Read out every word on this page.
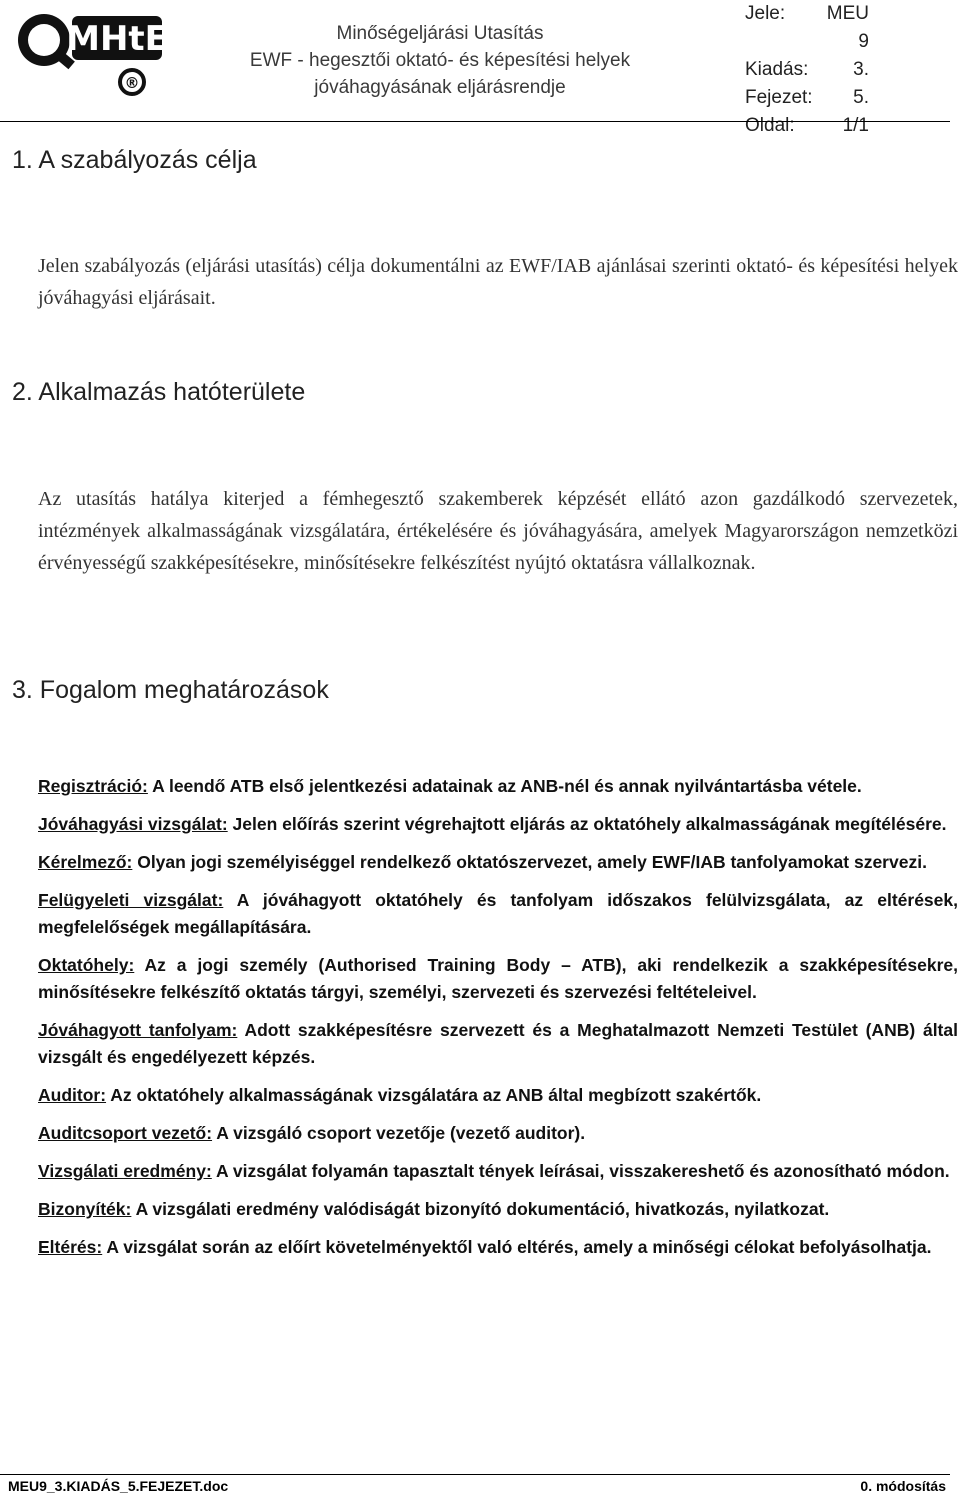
MHtE
®
Minőségeljárási Utasítás
EWF - hegesztői oktató- és képesítési helyek
jóváhagyásának eljárásrendje
Jele:	MEU 9
Kiadás:	3.
Fejezet:	5.
Oldal:	1/1
1. A szabályozás célja

Jelen szabályozás (eljárási utasítás) célja dokumentálni az EWF/IAB ajánlásai szerinti oktató- és képesítési helyek jóváhagyási eljárásait.

2. Alkalmazás hatóterülete

Az utasítás hatálya kiterjed a fémhegesztő szakemberek képzését ellátó azon gazdálkodó szervezetek, intézmények alkalmasságának vizsgálatára, értékelésére és jóváhagyására, amelyek Magyarországon nemzetközi érvényességű szakképesítésekre, minősítésekre felkészítést nyújtó oktatásra vállalkoznak.

3. Fogalom meghatározások

Regisztráció: A leendő ATB első jelentkezési adatainak az ANB-nél és annak nyilvántartásba vétele.

Jóváhagyási vizsgálat: Jelen előírás szerint végrehajtott eljárás az oktatóhely alkalmasságának megítélésére.

Kérelmező: Olyan jogi személyiséggel rendelkező oktatószervezet, amely EWF/IAB tanfolyamokat szervezi.

Felügyeleti vizsgálat: A jóváhagyott oktatóhely és tanfolyam időszakos felülvizsgálata, az eltérések, megfelelőségek megállapítására.

Oktatóhely: Az a jogi személy (Authorised Training Body – ATB), aki rendelkezik a szakképesítésekre, minősítésekre felkészítő oktatás tárgyi, személyi, szervezeti és szervezési feltételeivel.

Jóváhagyott tanfolyam: Adott szakképesítésre szervezett és a Meghatalmazott Nemzeti Testület (ANB) által vizsgált és engedélyezett képzés.

Auditor: Az oktatóhely alkalmasságának vizsgálatára az ANB által megbízott szakértők.

Auditcsoport vezető: A vizsgáló csoport vezetője (vezető auditor).

Vizsgálati eredmény: A vizsgálat folyamán tapasztalt tények leírásai, visszakereshető és azonosítható módon.

Bizonyíték: A vizsgálati eredmény valódiságát bizonyító dokumentáció, hivatkozás, nyilatkozat.

Eltérés: A vizsgálat során az előírt követelményektől való eltérés, amely a minőségi célokat befolyásolhatja.

MEU9_3.KIADÁS_5.FEJEZET.doc	0. módosítás
